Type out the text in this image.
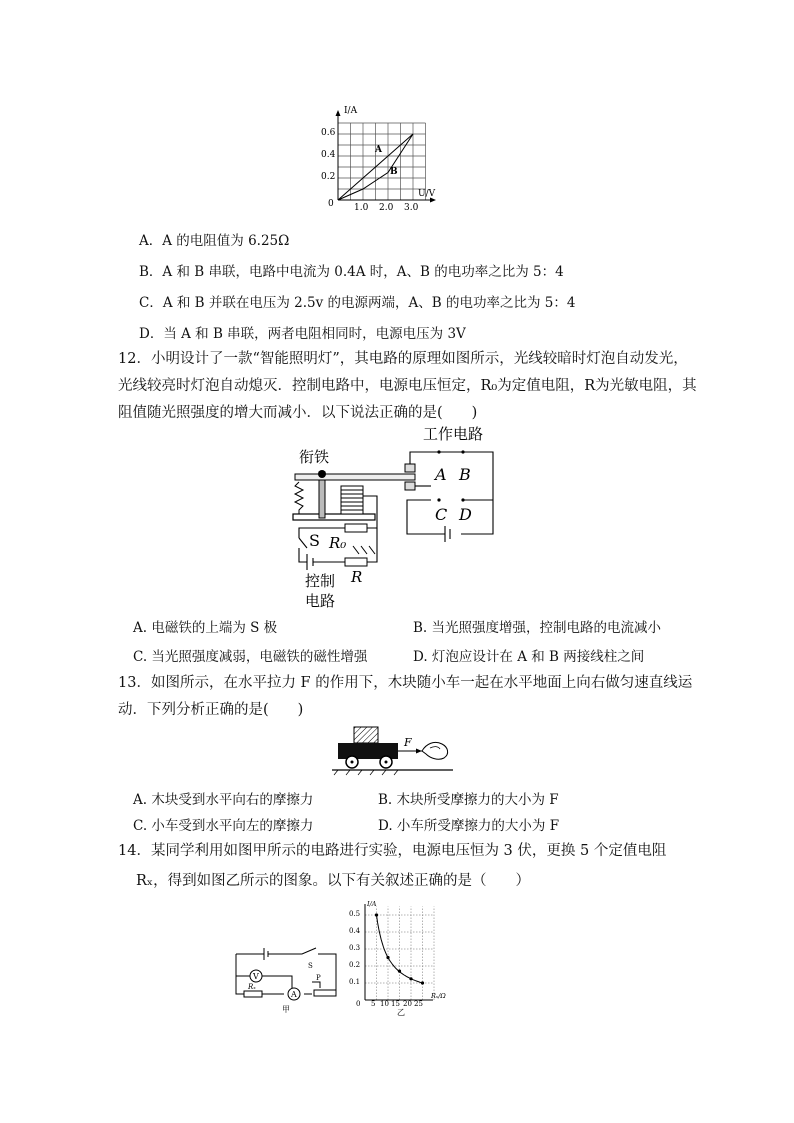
I/A
U/V
0
0.6
0.4
0.2
1.0 2.0 3.0
A
B
A．A 的电阻值为 6.25Ω
B．A 和 B 串联，电路中电流为 0.4A 时，A、B 的电功率之比为 5：4
C．A 和 B 并联在电压为 2.5v 的电源两端，A、B 的电功率之比为 5：4
D．当 A 和 B 串联，两者电阻相同时，电源电压为 3V
12．小明设计了一款“智能照明灯”，其电路的原理如图所示，光线较暗时灯泡自动发光，
光线较亮时灯泡自动熄灭．控制电路中，电源电压恒定，R₀为定值电阻，R为光敏电阻，其
阻值随光照强度的增大而减小．以下说法正确的是(　　)
工作电路
衔铁
A B
C D
S R₀
R
控制
电路
A. 电磁铁的上端为 S 极	B. 当光照强度增强，控制电路的电流减小
C. 当光照强度减弱，电磁铁的磁性增强	D. 灯泡应设计在 A 和 B 两接线柱之间
13．如图所示，在水平拉力 F 的作用下，木块随小车一起在水平地面上向右做匀速直线运
动．下列分析正确的是(　　)
F
A. 木块受到水平向右的摩擦力	B. 木块所受摩擦力的大小为 F
C. 小车受到水平向左的摩擦力	D. 小车所受摩擦力的大小为 F
14．某同学利用如图甲所示的电路进行实验，电源电压恒为 3 伏，更换 5 个定值电阻
Rₓ，得到如图乙所示的图象。以下有关叙述正确的是（　　）
V
Rₓ
A
S
P
甲
I/A
Rₓ/Ω
0
0.5
0.4
0.3
0.2
0.1
5 10 15 20 25
乙
